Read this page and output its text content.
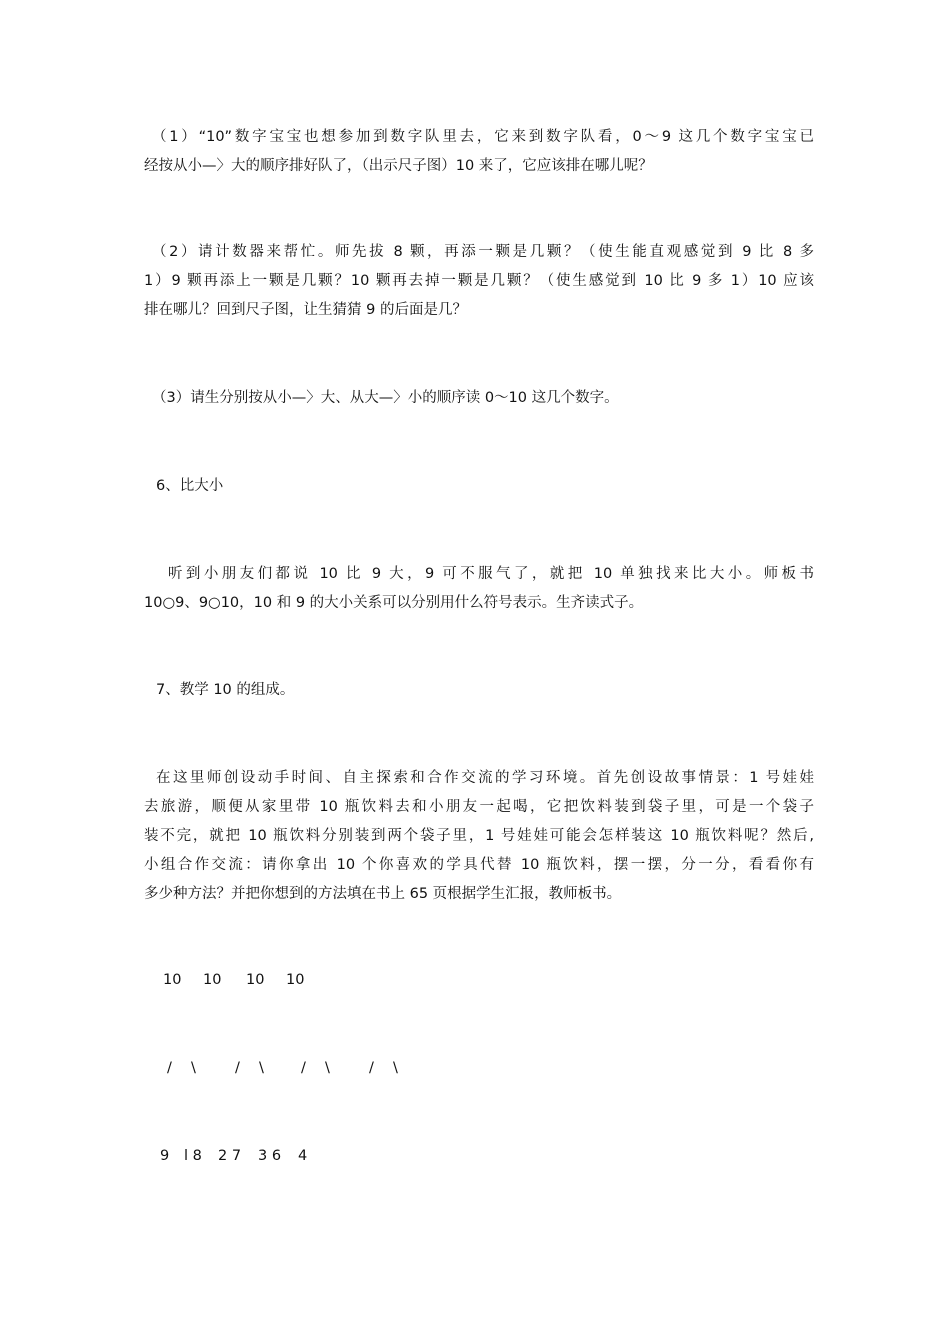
（1）“10”数字宝宝也想参加到数字队里去，它来到数字队看，0～9 这几个数字宝宝已
经按从小—〉大的顺序排好队了，（出示尺子图）10 来了，它应该排在哪儿呢？
（2）请计数器来帮忙。师先拔 8 颗，再添一颗是几颗？（使生能直观感觉到 9 比 8 多
1）9 颗再添上一颗是几颗？10 颗再去掉一颗是几颗？（使生感觉到 10 比 9 多 1）10 应该
排在哪儿？回到尺子图，让生猜猜 9 的后面是几？
（3）请生分别按从小—〉大、从大—〉小的顺序读 0～10 这几个数字。
6、比大小
听到小朋友们都说 10 比 9 大，9 可不服气了，就把 10 单独找来比大小。师板书
10○9、9○10，10 和 9 的大小关系可以分别用什么符号表示。生齐读式子。
7、教学 10 的组成。
在这里师创设动手时间、自主探索和合作交流的学习环境。首先创设故事情景：1 号娃娃
去旅游，顺便从家里带 10 瓶饮料去和小朋友一起喝，它把饮料装到袋子里，可是一个袋子
装不完，就把 10 瓶饮料分别装到两个袋子里，1 号娃娃可能会怎样装这 10 瓶饮料呢？然后,
小组合作交流：请你拿出 10 个你喜欢的学具代替 10 瓶饮料，摆一摆，分一分，看看你有
多少种方法？并把你想到的方法填在书上 65 页根据学生汇报，教师板书。
10 10 10 10
/ \	/ \	/ \	/ \
9 l 8 2 7 3 6 4
